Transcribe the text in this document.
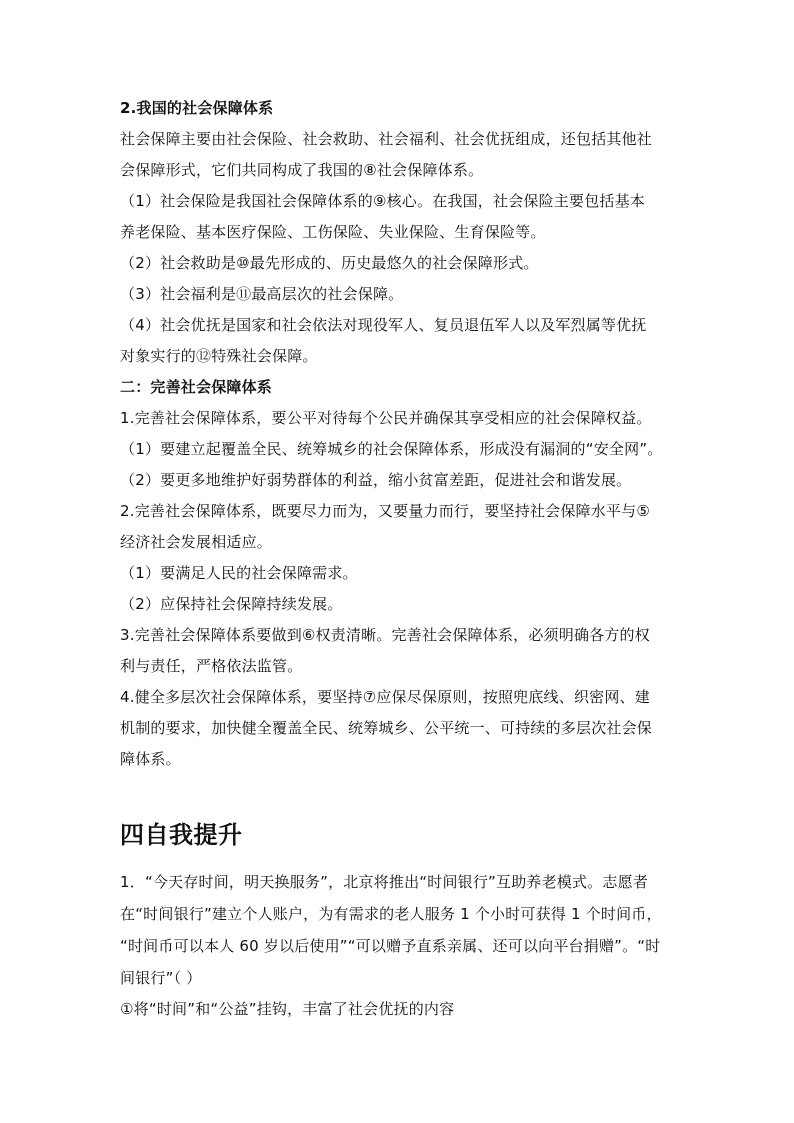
2.我国的社会保障体系
社会保障主要由社会保险、社会救助、社会福利、社会优抚组成，还包括其他社
会保障形式，它们共同构成了我国的⑧社会保障体系。
（1）社会保险是我国社会保障体系的⑨核心。在我国，社会保险主要包括基本
养老保险、基本医疗保险、工伤保险、失业保险、生育保险等。
（2）社会救助是⑩最先形成的、历史最悠久的社会保障形式。
（3）社会福利是⑪最高层次的社会保障。
（4）社会优抚是国家和社会依法对现役军人、复员退伍军人以及军烈属等优抚
对象实行的⑫特殊社会保障。
二：完善社会保障体系
1.完善社会保障体系，要公平对待每个公民并确保其享受相应的社会保障权益。
（1）要建立起覆盖全民、统筹城乡的社会保障体系，形成没有漏洞的“安全网”。
（2）要更多地维护好弱势群体的利益，缩小贫富差距，促进社会和谐发展。
2.完善社会保障体系，既要尽力而为，又要量力而行，要坚持社会保障水平与⑤
经济社会发展相适应。
（1）要满足人民的社会保障需求。
（2）应保持社会保障持续发展。
3.完善社会保障体系要做到⑥权责清晰。完善社会保障体系，必须明确各方的权
利与责任，严格依法监管。
4.健全多层次社会保障体系，要坚持⑦应保尽保原则，按照兜底线、织密网、建
机制的要求，加快健全覆盖全民、统筹城乡、公平统一、可持续的多层次社会保
障体系。
四自我提升
1．“今天存时间，明天换服务”，北京将推出“时间银行”互助养老模式。志愿者
在“时间银行”建立个人账户，为有需求的老人服务 1 个小时可获得 1 个时间币，
“时间币可以本人 60 岁以后使用”“可以赠予直系亲属、还可以向平台捐赠”。“时
间银行”（ ）
①将“时间”和“公益”挂钩，丰富了社会优抚的内容
